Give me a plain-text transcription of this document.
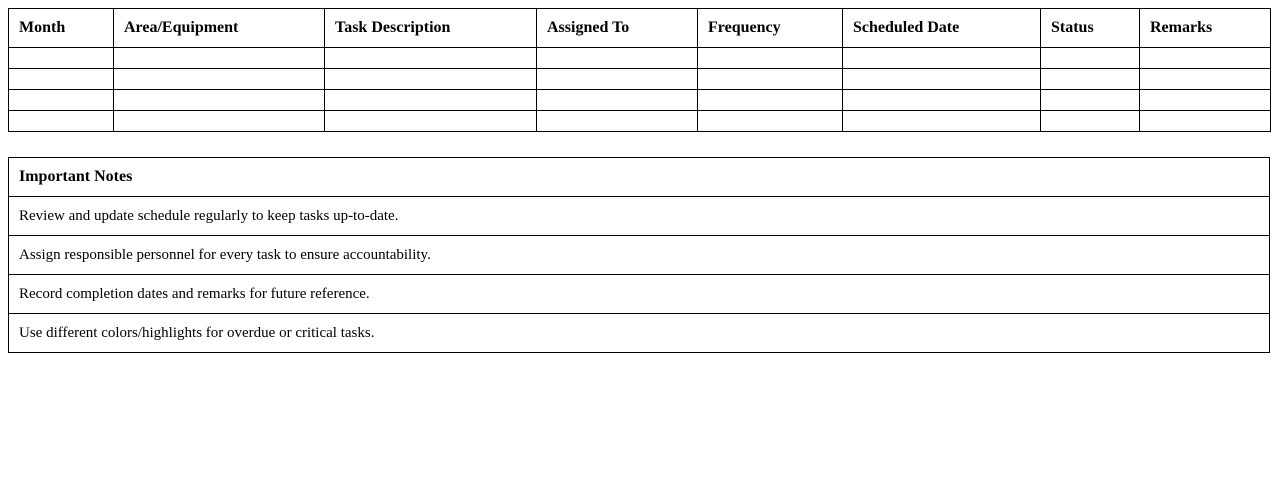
Month	Area/Equipment	Task Description	Assigned To	Frequency	Scheduled Date	Status	Remarks

Important Notes
Review and update schedule regularly to keep tasks up-to-date.
Assign responsible personnel for every task to ensure accountability.
Record completion dates and remarks for future reference.
Use different colors/highlights for overdue or critical tasks.
